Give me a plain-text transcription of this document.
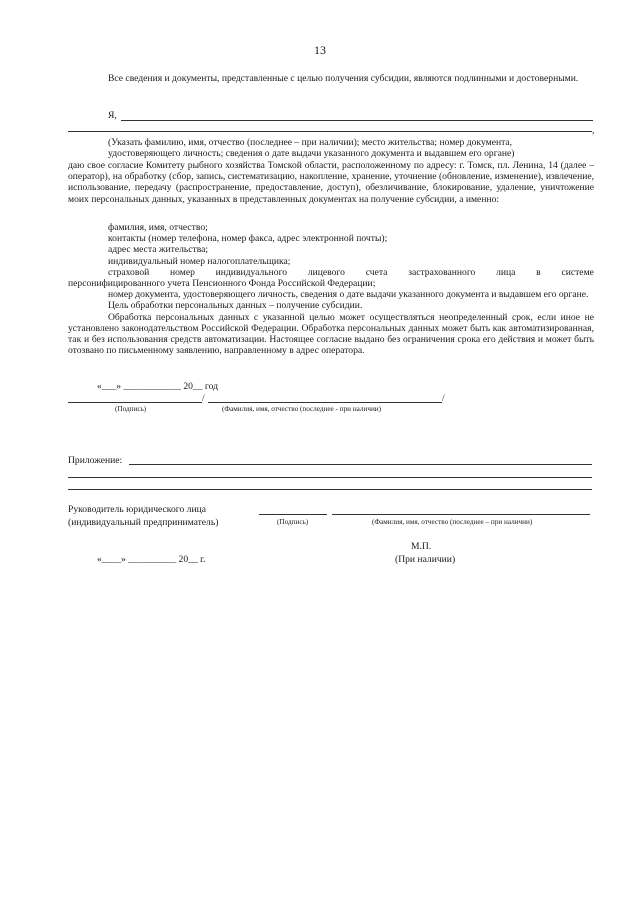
13
Все сведения и документы, представленные с целью получения субсидии, являются подлинными и достоверными.
Я,
,

(Указать фамилию, имя, отчество (последнее – при наличии); место жительства; номер документа,

удостоверяющего личность; сведения о дате выдачи указанного документа и выдавшем его органе)

даю свое согласие Комитету рыбного хозяйства Томской области, расположенному по адресу: г. Томск, пл. Ленина, 14 (далее – оператор), на обработку (сбор, запись, систематизацию, накопление, хранение, уточнение (обновление, изменение), извлечение, использование, передачу (распространение, предоставление, доступ), обезличивание, блокирование, удаление, уничтожение моих персональных данных, указанных в представленных документах на получение субсидии, а именно:

фамилия, имя, отчество;

контакты (номер телефона, номер факса, адрес электронной почты);

адрес места жительства;

индивидуальный номер налогоплательщика;

страховой номер индивидуального лицевого счета застрахованного лица в системе

персонифицированного учета Пенсионного Фонда Российской Федерации;

номер документа, удостоверяющего личность, сведения о дате выдачи указанного документа и выдавшем его органе.

Цель обработки персональных данных – получение субсидии.

Обработка персональных данных с указанной целью может осуществляться неопределенный срок, если иное не установлено законодательством Российской Федерации. Обработка персональных данных может быть как автоматизированная, так и без использования средств автоматизации. Настоящее согласие выдано без ограничения срока его действия и может быть отозвано по письменному заявлению, направленному в адрес оператора.

«___» ____________ 20__ год
/	/
(Подпись)	(Фамилия, имя, отчество (последнее - при наличии)
Приложение:
Руководитель юридического лица
(индивидуальный предприниматель)	(Подпись)	(Фамилия, имя, отчество (последнее – при наличии)
М.П.
(При наличии)
«____» __________ 20__ г.
